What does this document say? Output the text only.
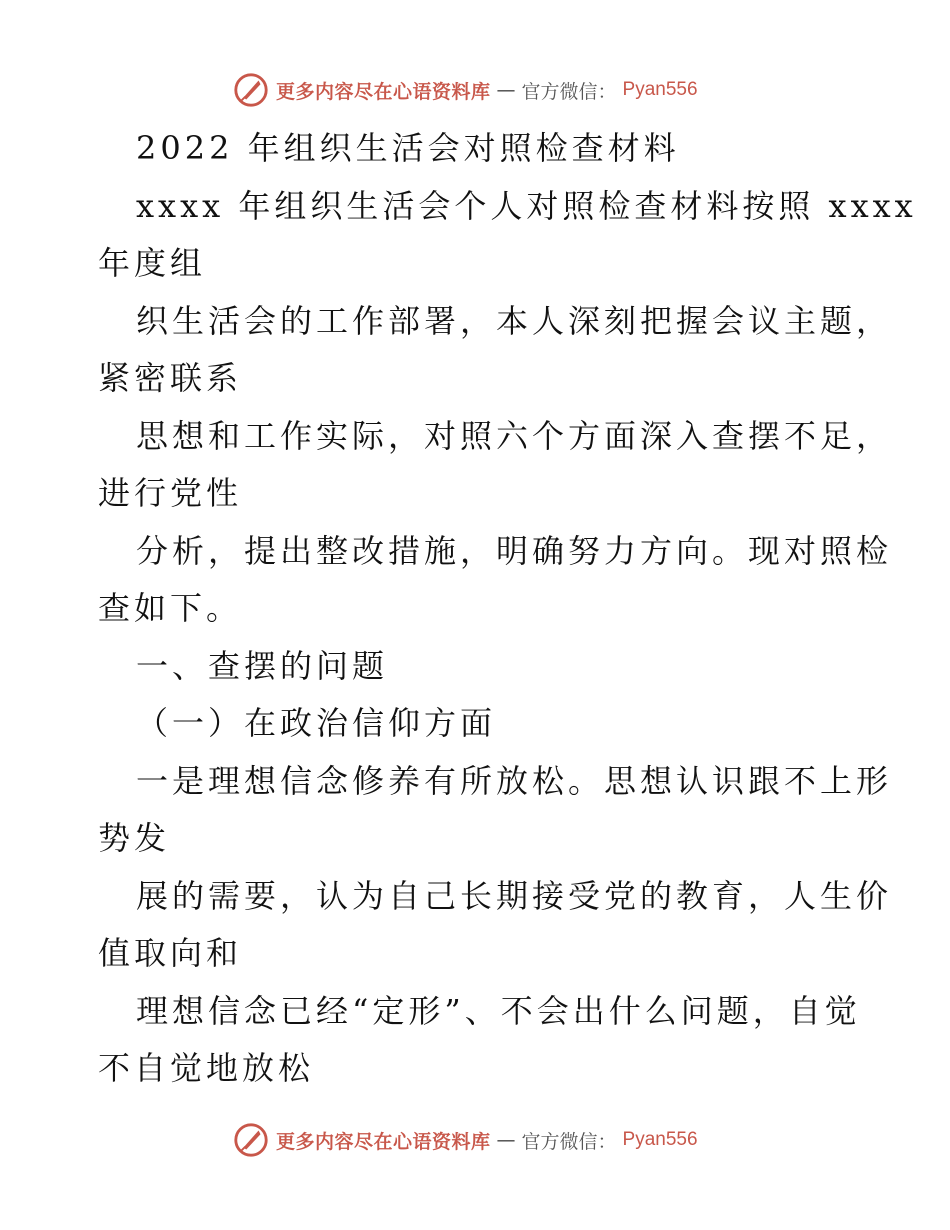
更多内容尽在心语资料库 — 官方微信： Pyan556
2022 年组织生活会对照检查材料
xxxx 年组织生活会个人对照检查材料按照 xxxx
年度组
织生活会的工作部署，本人深刻把握会议主题，
紧密联系
思想和工作实际，对照六个方面深入查摆不足，
进行党性
分析，提出整改措施，明确努力方向。现对照检
查如下。
一、查摆的问题
（一）在政治信仰方面
一是理想信念修养有所放松。思想认识跟不上形
势发
展的需要，认为自己长期接受党的教育，人生价
值取向和
理想信念已经“定形”、不会出什么问题，自觉
不自觉地放松
更多内容尽在心语资料库 — 官方微信： Pyan556
